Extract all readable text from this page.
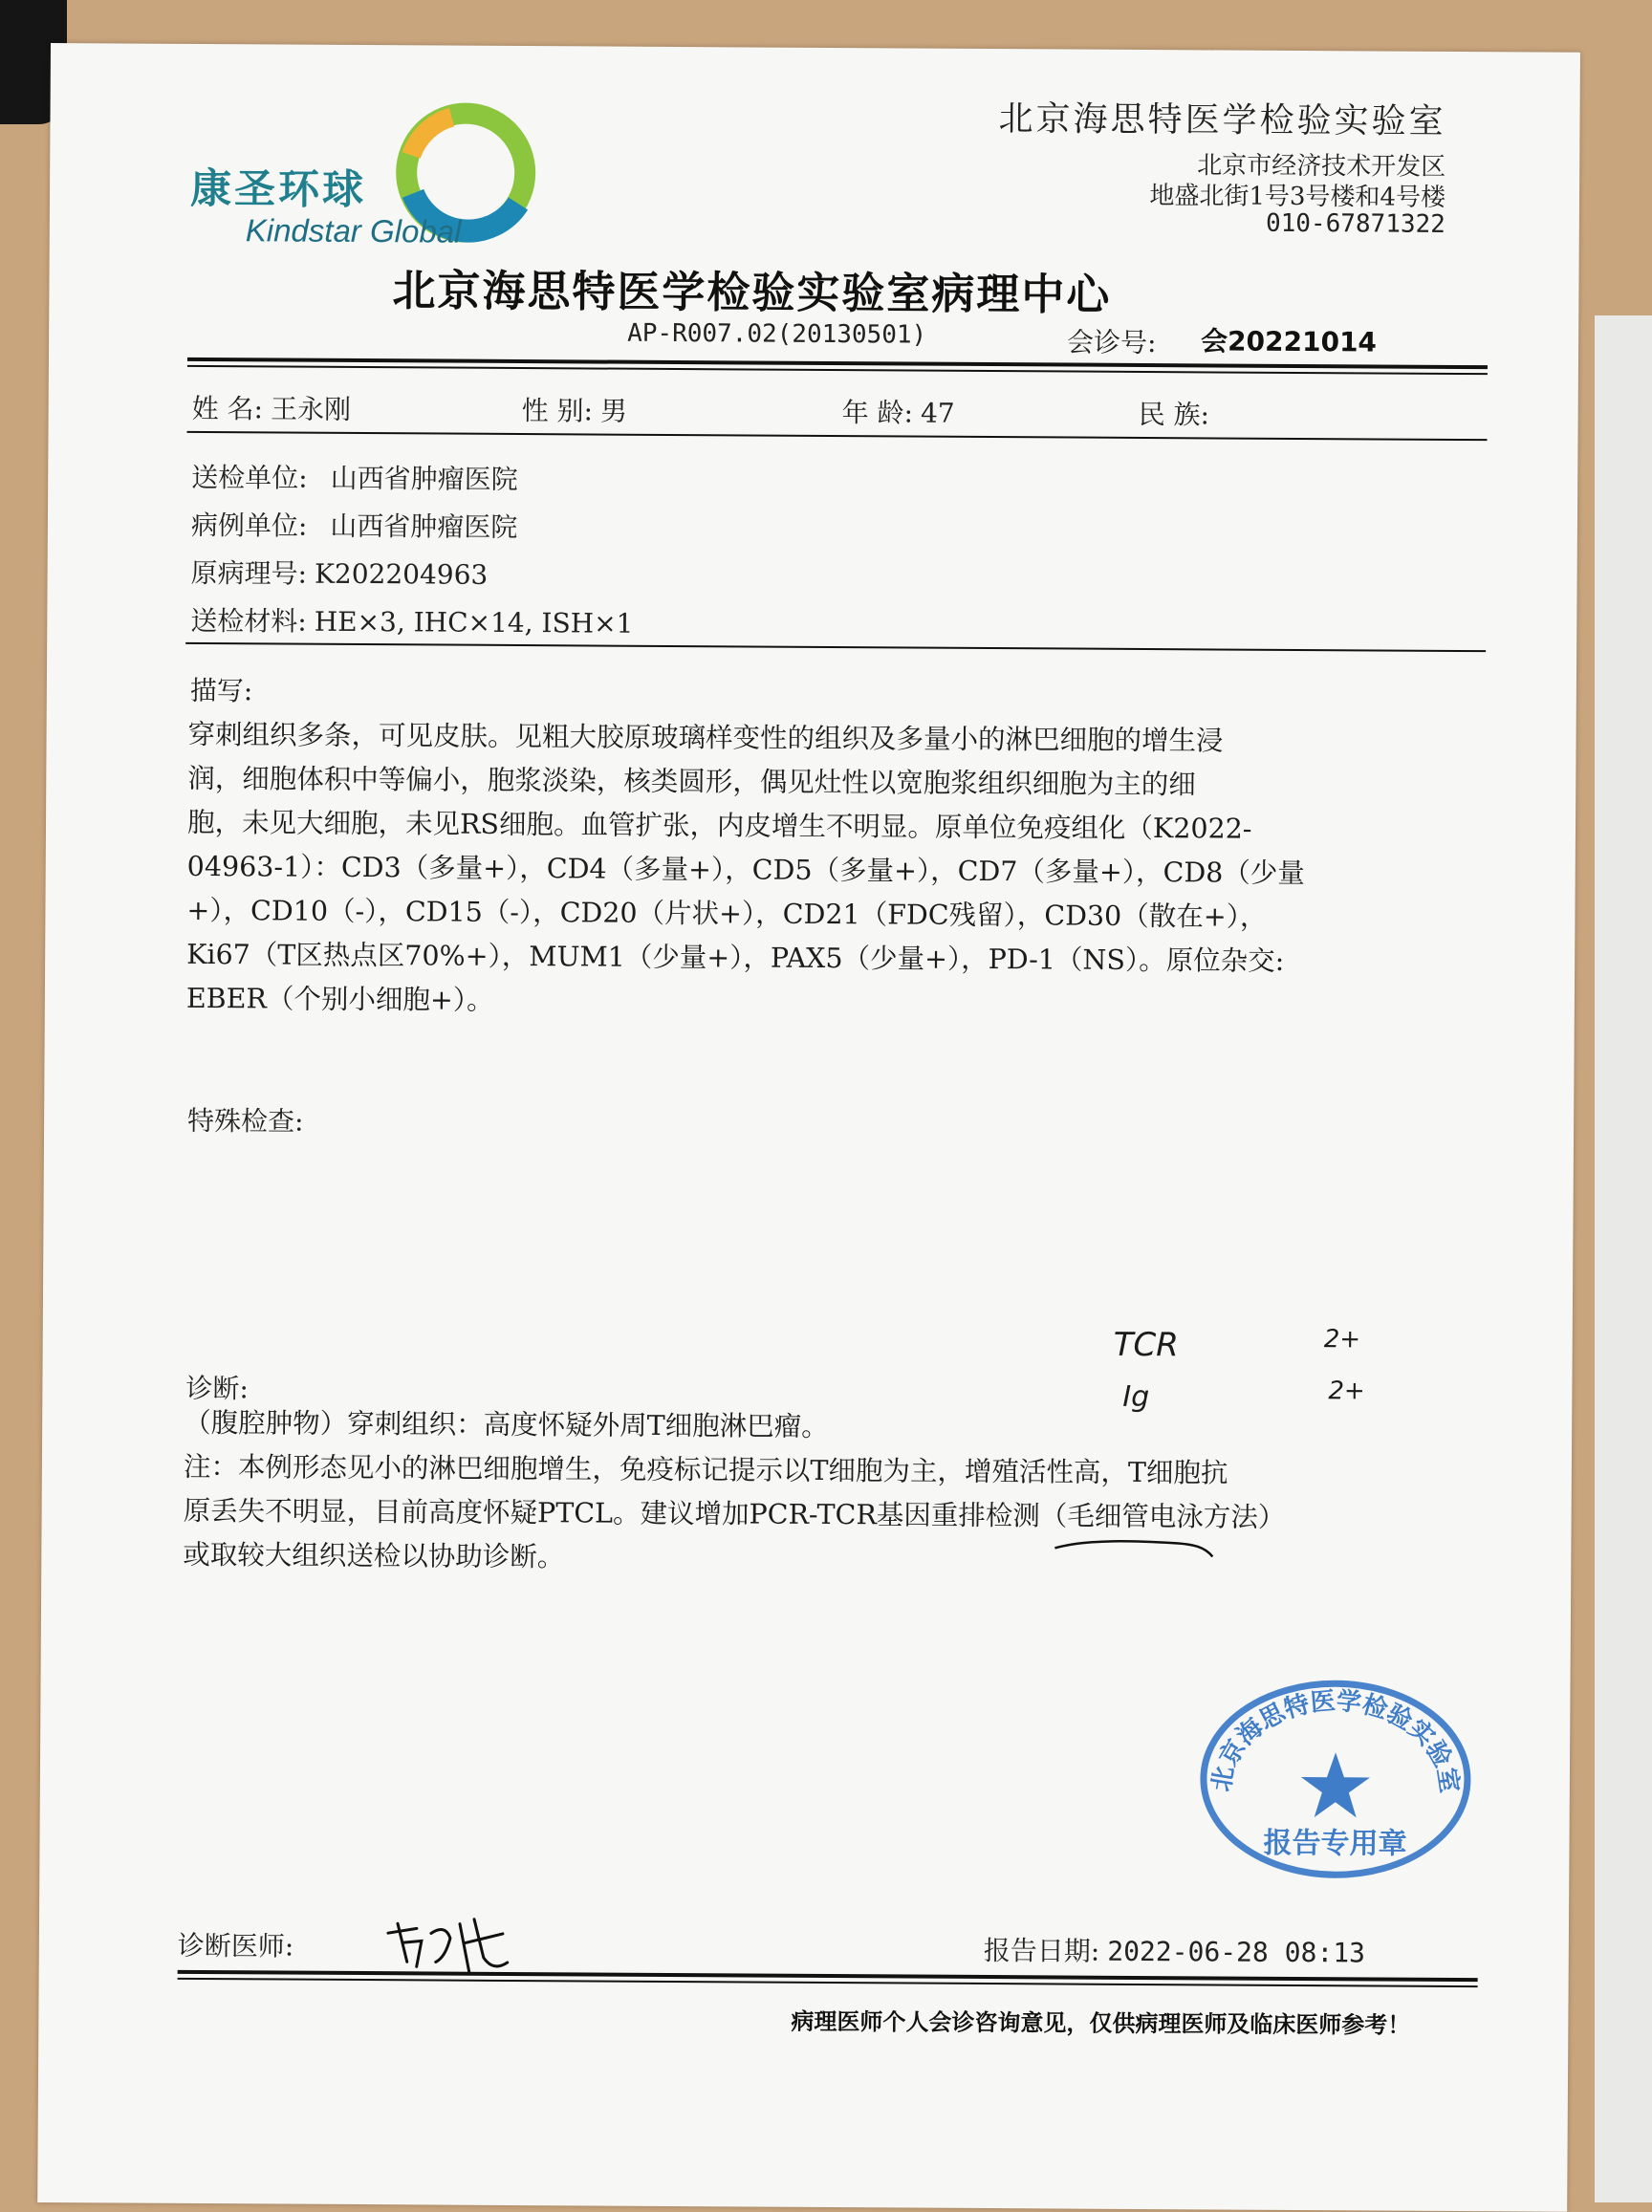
康圣环球
Kindstar Global
北京海思特医学检验实验室
北京市经济技术开发区
地盛北街1号3号楼和4号楼
010-67871322
北京海思特医学检验实验室病理中心
AP-R007.02(20130501)	会诊号: 会20221014
姓 名: 王永刚	性 别: 男	年 龄: 47	民 族:
送检单位: 山西省肿瘤医院
病例单位: 山西省肿瘤医院
原病理号: K202204963
送检材料: HE×3, IHC×14, ISH×1
描写:

穿刺组织多条，可见皮肤。见粗大胶原玻璃样变性的组织及多量小的淋巴细胞的增生浸

润，细胞体积中等偏小，胞浆淡染，核类圆形，偶见灶性以宽胞浆组织细胞为主的细

胞，未见大细胞，未见RS细胞。血管扩张，内皮增生不明显。原单位免疫组化（K2022-

04963-1）：CD3（多量+），CD4（多量+），CD5（多量+），CD7（多量+），CD8（少量

+），CD10（-），CD15（-），CD20（片状+），CD21（FDC残留），CD30（散在+），

Ki67（T区热点区70%+），MUM1（少量+），PAX5（少量+），PD-1（NS）。原位杂交:

EBER（个别小细胞+）。

特殊检查:
TCR	2+
Ig	2+
诊断:

（腹腔肿物）穿刺组织：高度怀疑外周T细胞淋巴瘤。

注：本例形态见小的淋巴细胞增生，免疫标记提示以T细胞为主，增殖活性高，T细胞抗

原丢失不明显，目前高度怀疑PTCL。建议增加PCR-TCR基因重排检测（毛细管电泳方法）

或取较大组织送检以协助诊断。

北京海思特医学检验实验室
报告专用章
诊断医师:	报告日期: 2022-06-28 08:13
病理医师个人会诊咨询意见，仅供病理医师及临床医师参考！
